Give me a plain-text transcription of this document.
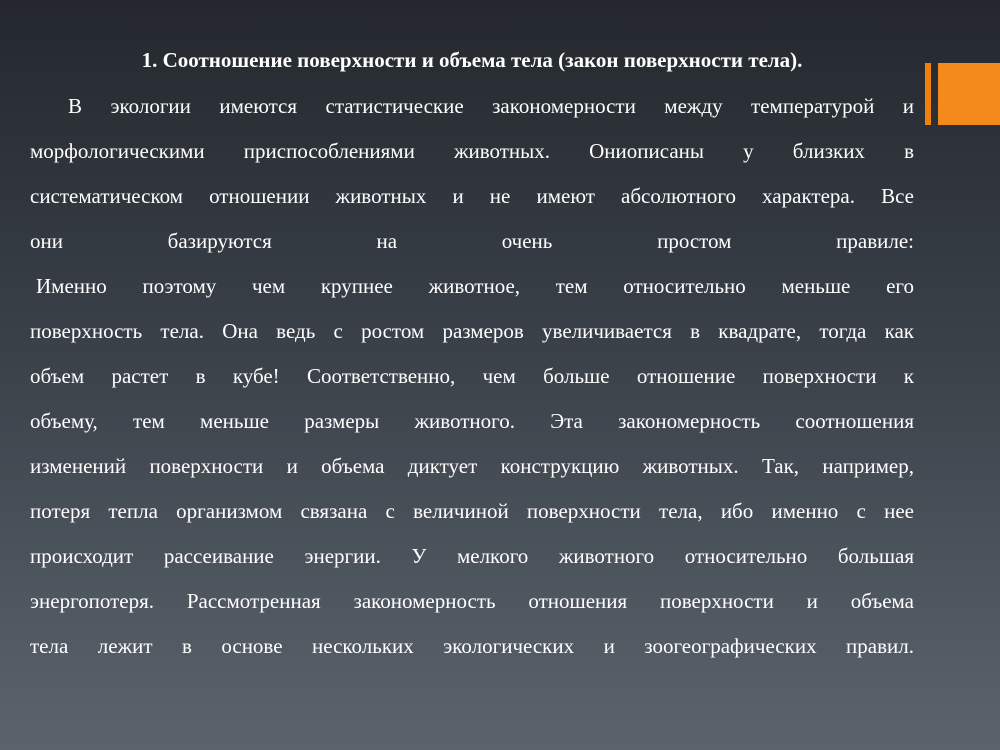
1. Соотношение поверхности и объема тела (закон поверхности тела).
В экологии имеются статистические закономерности между температурой и
морфологическими приспособлениями животных. Ониописаны у близких в
систематическом отношении животных и не имеют абсолютного характера. Все
они базируются на очень простом правиле:
Именно поэтому чем крупнее животное, тем относительно меньше его
поверхность тела. Она ведь с ростом размеров увеличивается в квадрате, тогда как
объем растет в кубе! Соответственно, чем больше отношение поверхности к
объему, тем меньше размеры животного. Эта закономерность соотношения
изменений поверхности и объема диктует конструкцию животных. Так, например,
потеря тепла организмом связана с величиной поверхности тела, ибо именно с нее
происходит рассеивание энергии. У мелкого животного относительно большая
энергопотеря. Рассмотренная закономерность отношения поверхности и объема
тела лежит в основе нескольких экологических и зоогеографических правил.
